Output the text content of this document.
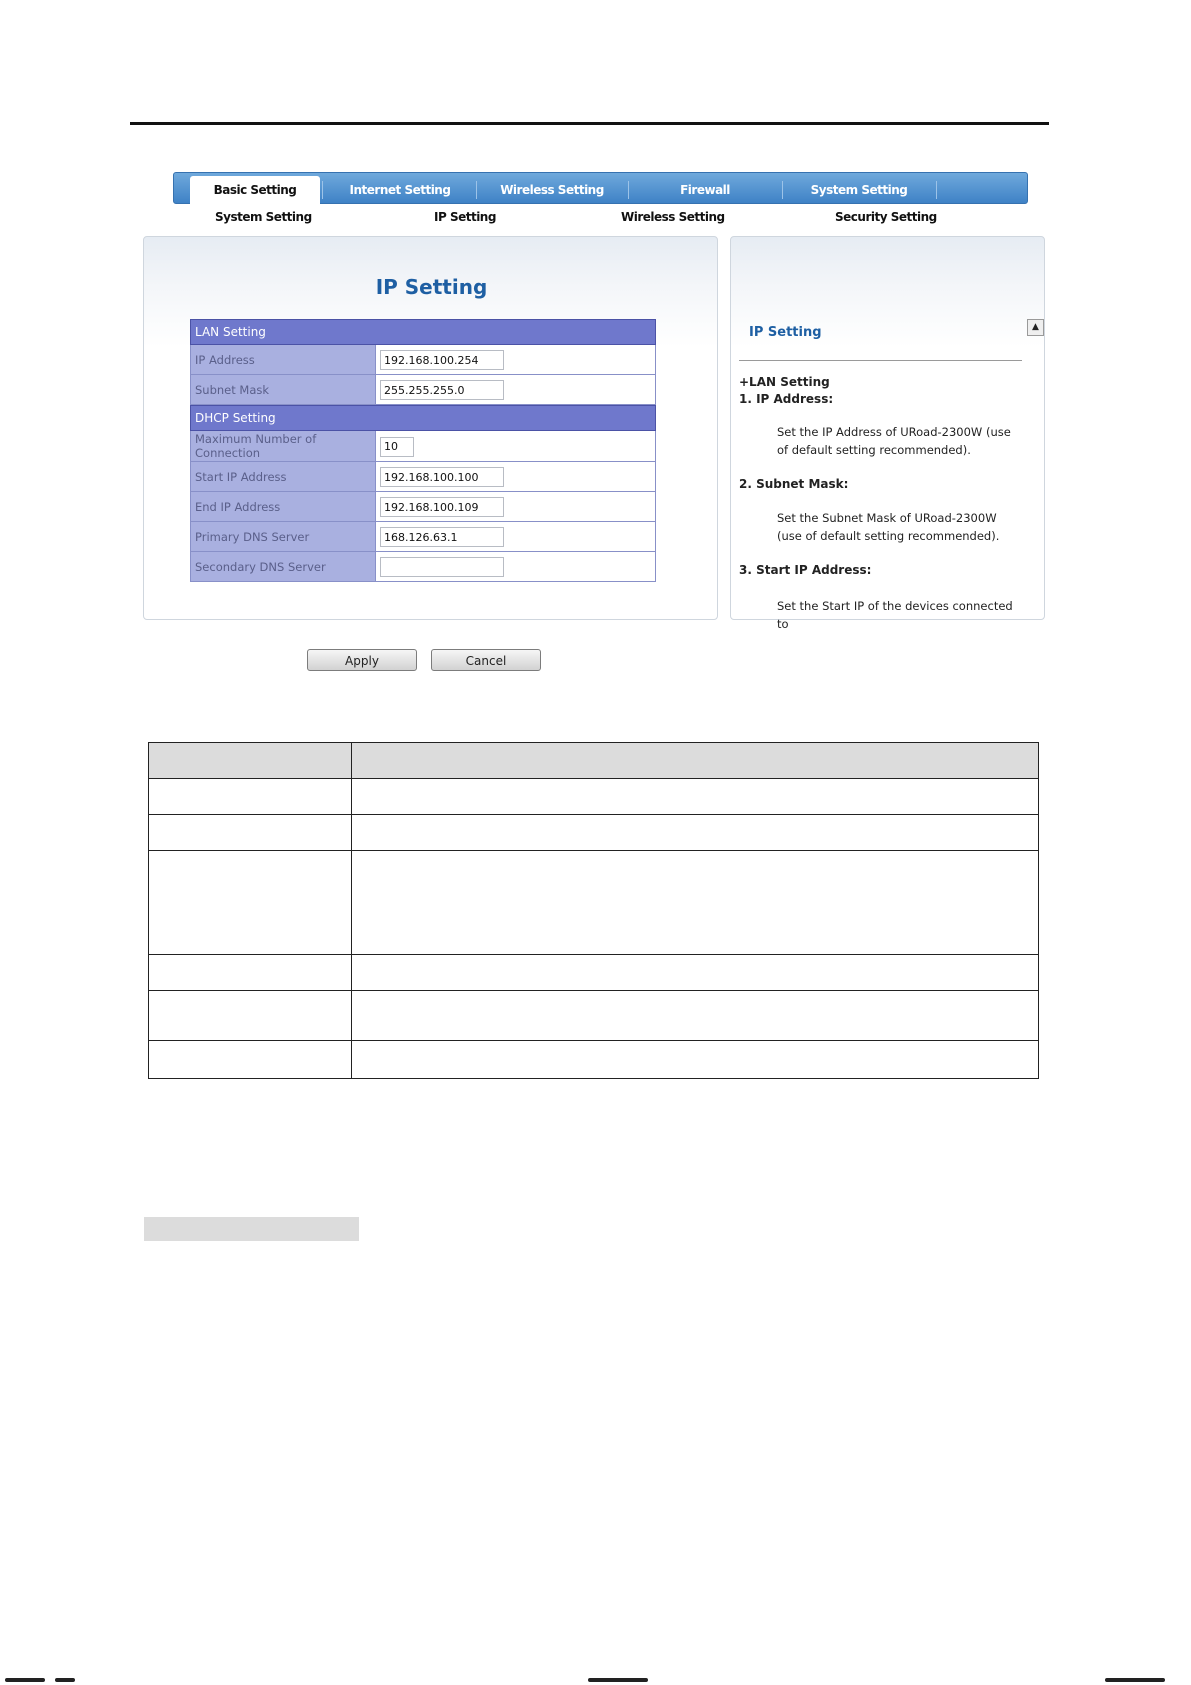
Basic Setting	Internet Setting	Wireless Setting	Firewall	System Setting
System Setting	IP Setting	Wireless Setting	Security Setting
IP Setting
LAN Setting	
IP Address	192.168.100.254
Subnet Mask	255.255.255.0
DHCP Setting	
Maximum Number of Connection	10
Start IP Address	192.168.100.100
End IP Address	192.168.100.109
Primary DNS Server	168.126.63.1
Secondary DNS Server	
Apply	Cancel
IP Setting	▲
+LAN Setting
1. IP Address:
Set the IP Address of URoad-2300W (use of default setting recommended).
2. Subnet Mask:
Set the Subnet Mask of URoad-2300W (use of default setting recommended).
3. Start IP Address:
Set the Start IP of the devices connected to
